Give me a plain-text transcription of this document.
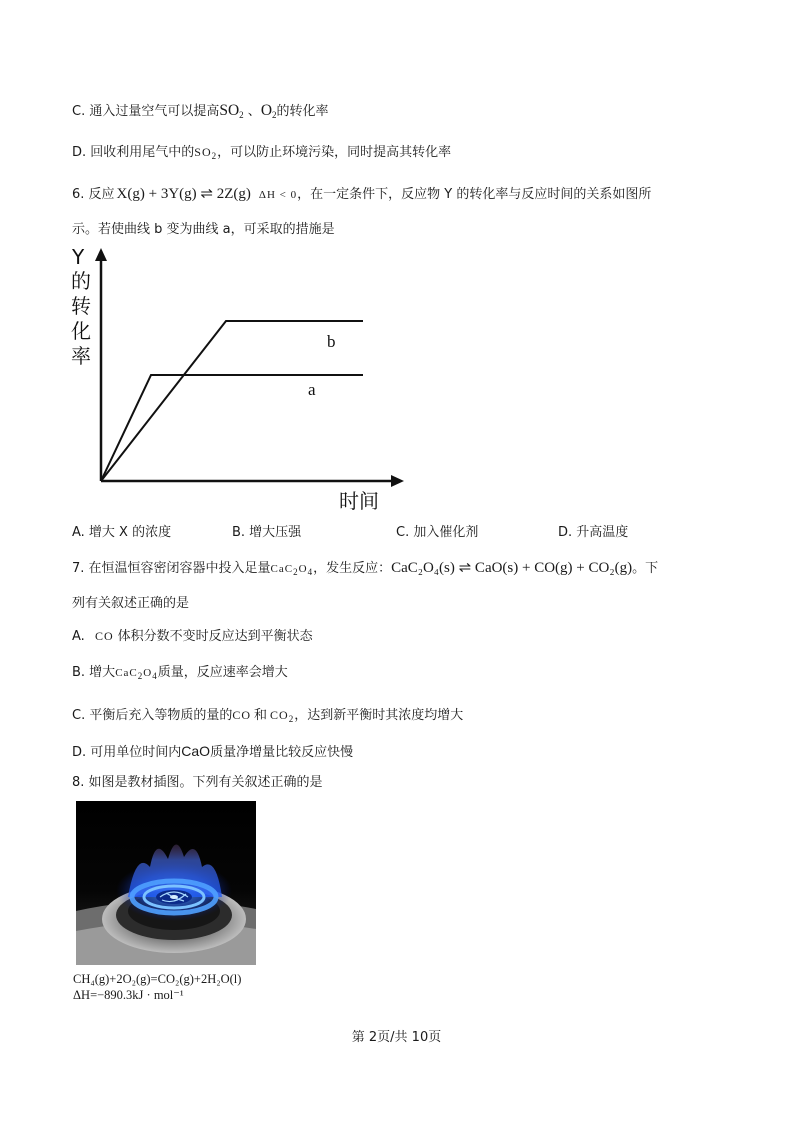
C. 通入过量空气可以提高$SO_2$ 、$O_2$的转化率
D. 回收利用尾气中的$SO_2$，可以防止环境污染，同时提高其转化率
6. 反应 X(g) + 3Y(g) ⇌ 2Z(g) ΔH < 0，在一定条件下，反应物 Y 的转化率与反应时间的关系如图所
示。若使曲线 b 变为曲线 a，可采取的措施是
Y
的
转
化
率
b
a
时间
A. 增大 X 的浓度	B. 增大压强	C. 加入催化剂	D. 升高温度
7. 在恒温恒容密闭容器中投入足量$CaC_2O_4$，发生反应：CaC₂O₄(s) ⇌ CaO(s) + CO(g) + CO₂(g)。下
列有关叙述正确的是
A. CO 体积分数不变时反应达到平衡状态
B. 增大$CaC_2O_4$质量，反应速率会增大
C. 平衡后充入等物质的量的CO 和 $CO_2$，达到新平衡时其浓度均增大
D. 可用单位时间内CaO质量净增量比较反应快慢
8. 如图是教材插图。下列有关叙述正确的是
CH₄(g)+2O₂(g)=CO₂(g)+2H₂O(l)
ΔH=−890.3kJ · mol⁻¹
第 2页/共 10页
